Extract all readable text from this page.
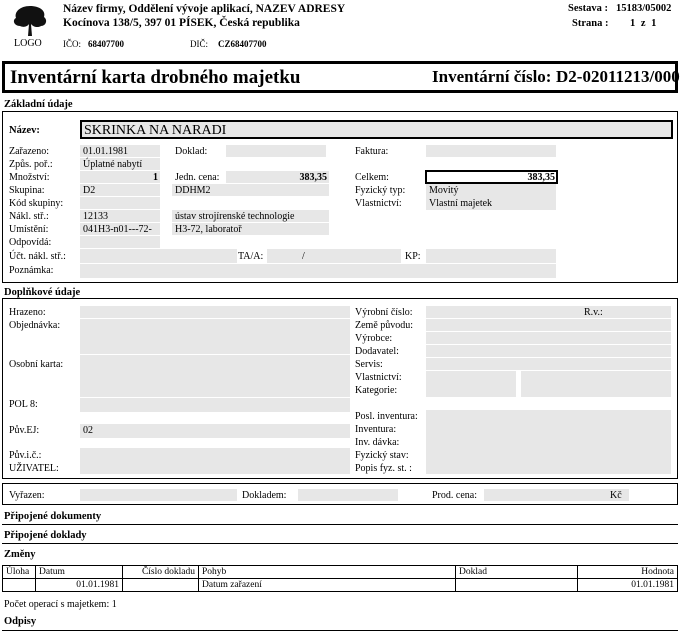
LOGO
Název firmy, Oddělení vývoje aplikací, NAZEV ADRESY
Kocínova 138/5, 397 01 PÍSEK, Česká republika
IČO: 68407700	DIČ: CZ68407700
Sestava : 15183/05002
Strana : 1 z 1
Inventární karta drobného majetku	Inventární číslo: D2-02011213/000
Základní údaje
Název:	SKRINKA NA NARADI
Zařazeno:	01.01.1981	Doklad:	Faktura:
Způs. poř.:	Úplatné nabytí
Množství:	1 Jedn. cena:	383,35	Celkem:	383,35
Skupina:	D2	DDHM2	Fyzický typ: Movitý
Kód skupiny:	Vlastnictví:	Vlastní majetek
Nákl. stř.:	12133	ústav strojírenské technologie
Umístění:	041H3-n01---72- H3-72, laboratoř
Odpovídá:
Účt. nákl. stř.:	TA/A:	/	KP:
Poznámka:
Doplňkové údaje
Hrazeno:
Objednávka:
Osobní karta:
POL 8:
Pův.EJ:	02
Pův.i.č.:
UŽIVATEL:
Výrobní číslo:	R.v.:
Země původu:
Výrobce:
Dodavatel:
Servis:
Vlastnictví:
Kategorie:
Posl. inventura:
Inventura:
Inv. dávka:
Fyzický stav:
Popis fyz. st. :
Vyřazen:	Dokladem:	Prod. cena:	Kč
Připojené dokumenty
Připojené doklady
Změny
Úloha	Datum	Číslo dokladu	Pohyb	Doklad	Hodnota
	01.01.1981		Datum zařazení		01.01.1981
Počet operací s majetkem: 1
Odpisy
